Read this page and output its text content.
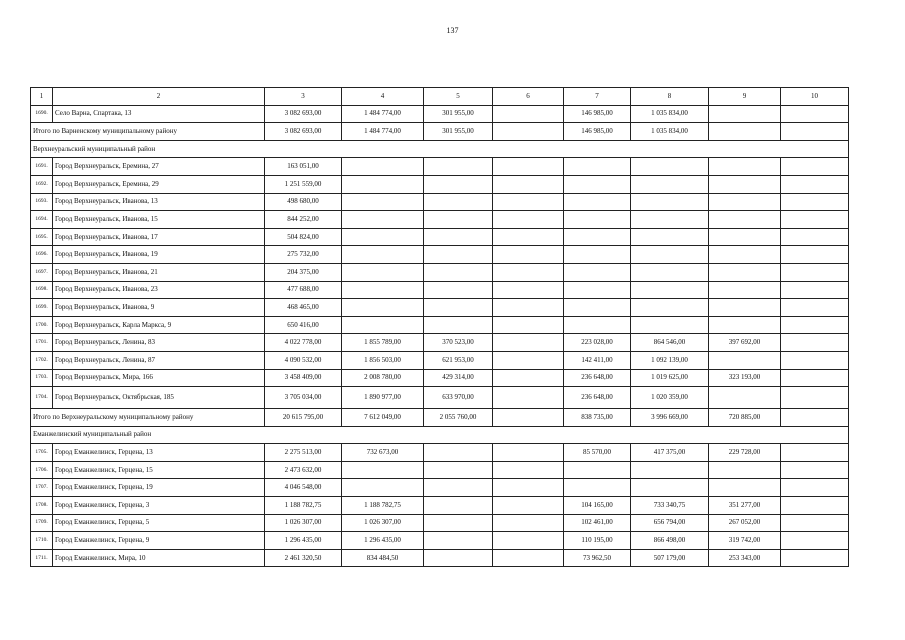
137
1	2	3	4	5	6	7	8	9	10
1690.	Село Варна, Спартака, 13	3 082 693,00	1 484 774,00	301 955,00		146 985,00	1 035 834,00		
Итого по Варненскому муниципальному району		3 082 693,00	1 484 774,00	301 955,00		146 985,00	1 035 834,00		
Верхнеуральский муниципальный район									
1691.	Город Верхнеуральск, Еремина, 27	163 051,00							
1692.	Город Верхнеуральск, Еремина, 29	1 251 559,00							
1693.	Город Верхнеуральск, Иванова, 13	498 680,00							
1694.	Город Верхнеуральск, Иванова, 15	844 252,00							
1695.	Город Верхнеуральск, Иванова, 17	504 824,00							
1696.	Город Верхнеуральск, Иванова, 19	275 732,00							
1697.	Город Верхнеуральск, Иванова, 21	204 375,00							
1698.	Город Верхнеуральск, Иванова, 23	477 688,00							
1699.	Город Верхнеуральск, Иванова, 9	468 465,00							
1700.	Город Верхнеуральск, Карла Маркса, 9	650 416,00							
1701.	Город Верхнеуральск, Ленина, 83	4 022 778,00	1 855 789,00	370 523,00		223 028,00	864 546,00	397 692,00	
1702.	Город Верхнеуральск, Ленина, 87	4 090 532,00	1 856 503,00	621 953,00		142 411,00	1 092 139,00		
1703.	Город Верхнеуральск, Мира, 166	3 458 409,00	2 008 780,00	429 314,00		236 648,00	1 019 625,00	323 193,00	
1704.	Город Верхнеуральск, Октябрьская, 185	3 705 034,00	1 890 977,00	633 970,00		236 648,00	1 020 359,00		
Итого по Верхнеуральскому муниципальному району		20 615 795,00	7 612 049,00	2 055 760,00		838 735,00	3 996 669,00	720 885,00	
Еманжелинский муниципальный район									
1705.	Город Еманжелинск, Герцена, 13	2 275 513,00	732 673,00			85 570,00	417 375,00	229 728,00	
1706.	Город Еманжелинск, Герцена, 15	2 473 632,00							
1707.	Город Еманжелинск, Герцена, 19	4 046 548,00							
1708.	Город Еманжелинск, Герцена, 3	1 188 782,75	1 188 782,75			104 165,00	733 340,75	351 277,00	
1709.	Город Еманжелинск, Герцена, 5	1 026 307,00	1 026 307,00			102 461,00	656 794,00	267 052,00	
1710.	Город Еманжелинск, Герцена, 9	1 296 435,00	1 296 435,00			110 195,00	866 498,00	319 742,00	
1711.	Город Еманжелинск, Мира, 10	2 461 320,50	834 484,50			73 962,50	507 179,00	253 343,00	
